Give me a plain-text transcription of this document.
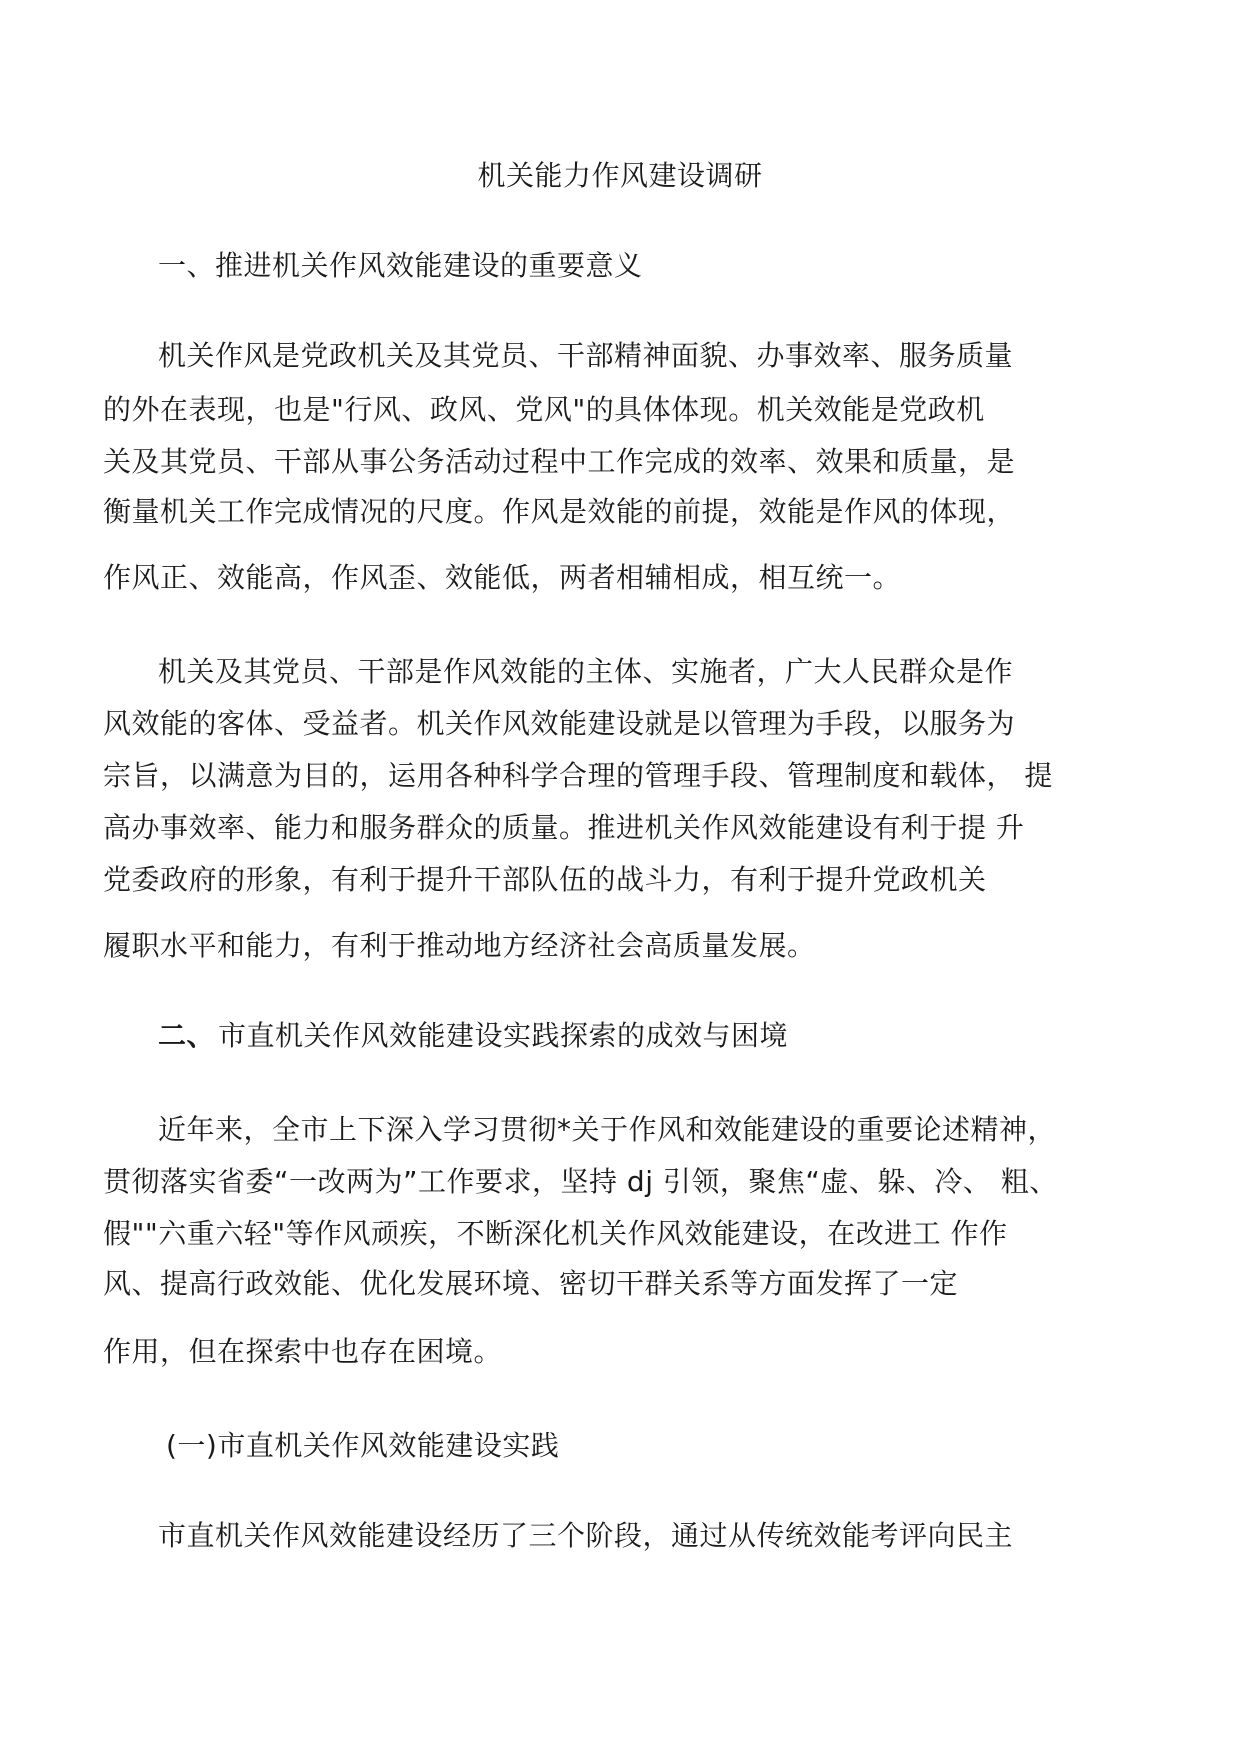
机关能力作风建设调研
一、推进机关作风效能建设的重要意义
机关作风是党政机关及其党员、干部精神面貌、办事效率、服务质量
的外在表现，也是"行风、政风、党风"的具体体现。机关效能是党政机
关及其党员、干部从事公务活动过程中工作完成的效率、效果和质量，是
衡量机关工作完成情况的尺度。作风是效能的前提，效能是作风的体现，
作风正、效能高，作风歪、效能低，两者相辅相成，相互统一。
机关及其党员、干部是作风效能的主体、实施者，广大人民群众是作
风效能的客体、受益者。机关作风效能建设就是以管理为手段，以服务为
宗旨，以满意为目的，运用各种科学合理的管理手段、管理制度和载体， 提
高办事效率、能力和服务群众的质量。推进机关作风效能建设有利于提 升
党委政府的形象，有利于提升干部队伍的战斗力，有利于提升党政机关
履职水平和能力，有利于推动地方经济社会高质量发展。
二、 市直机关作风效能建设实践探索的成效与困境
近年来，全市上下深入学习贯彻*关于作风和效能建设的重要论述精神，
贯彻落实省委“一改两为”工作要求，坚持 dj 引领，聚焦“虚、躲、冷、 粗、
假""六重六轻"等作风顽疾，不断深化机关作风效能建设，在改进工 作作
风、提高行政效能、优化发展环境、密切干群关系等方面发挥了一定
作用，但在探索中也存在困境。
(一)市直机关作风效能建设实践
市直机关作风效能建设经历了三个阶段，通过从传统效能考评向民主
